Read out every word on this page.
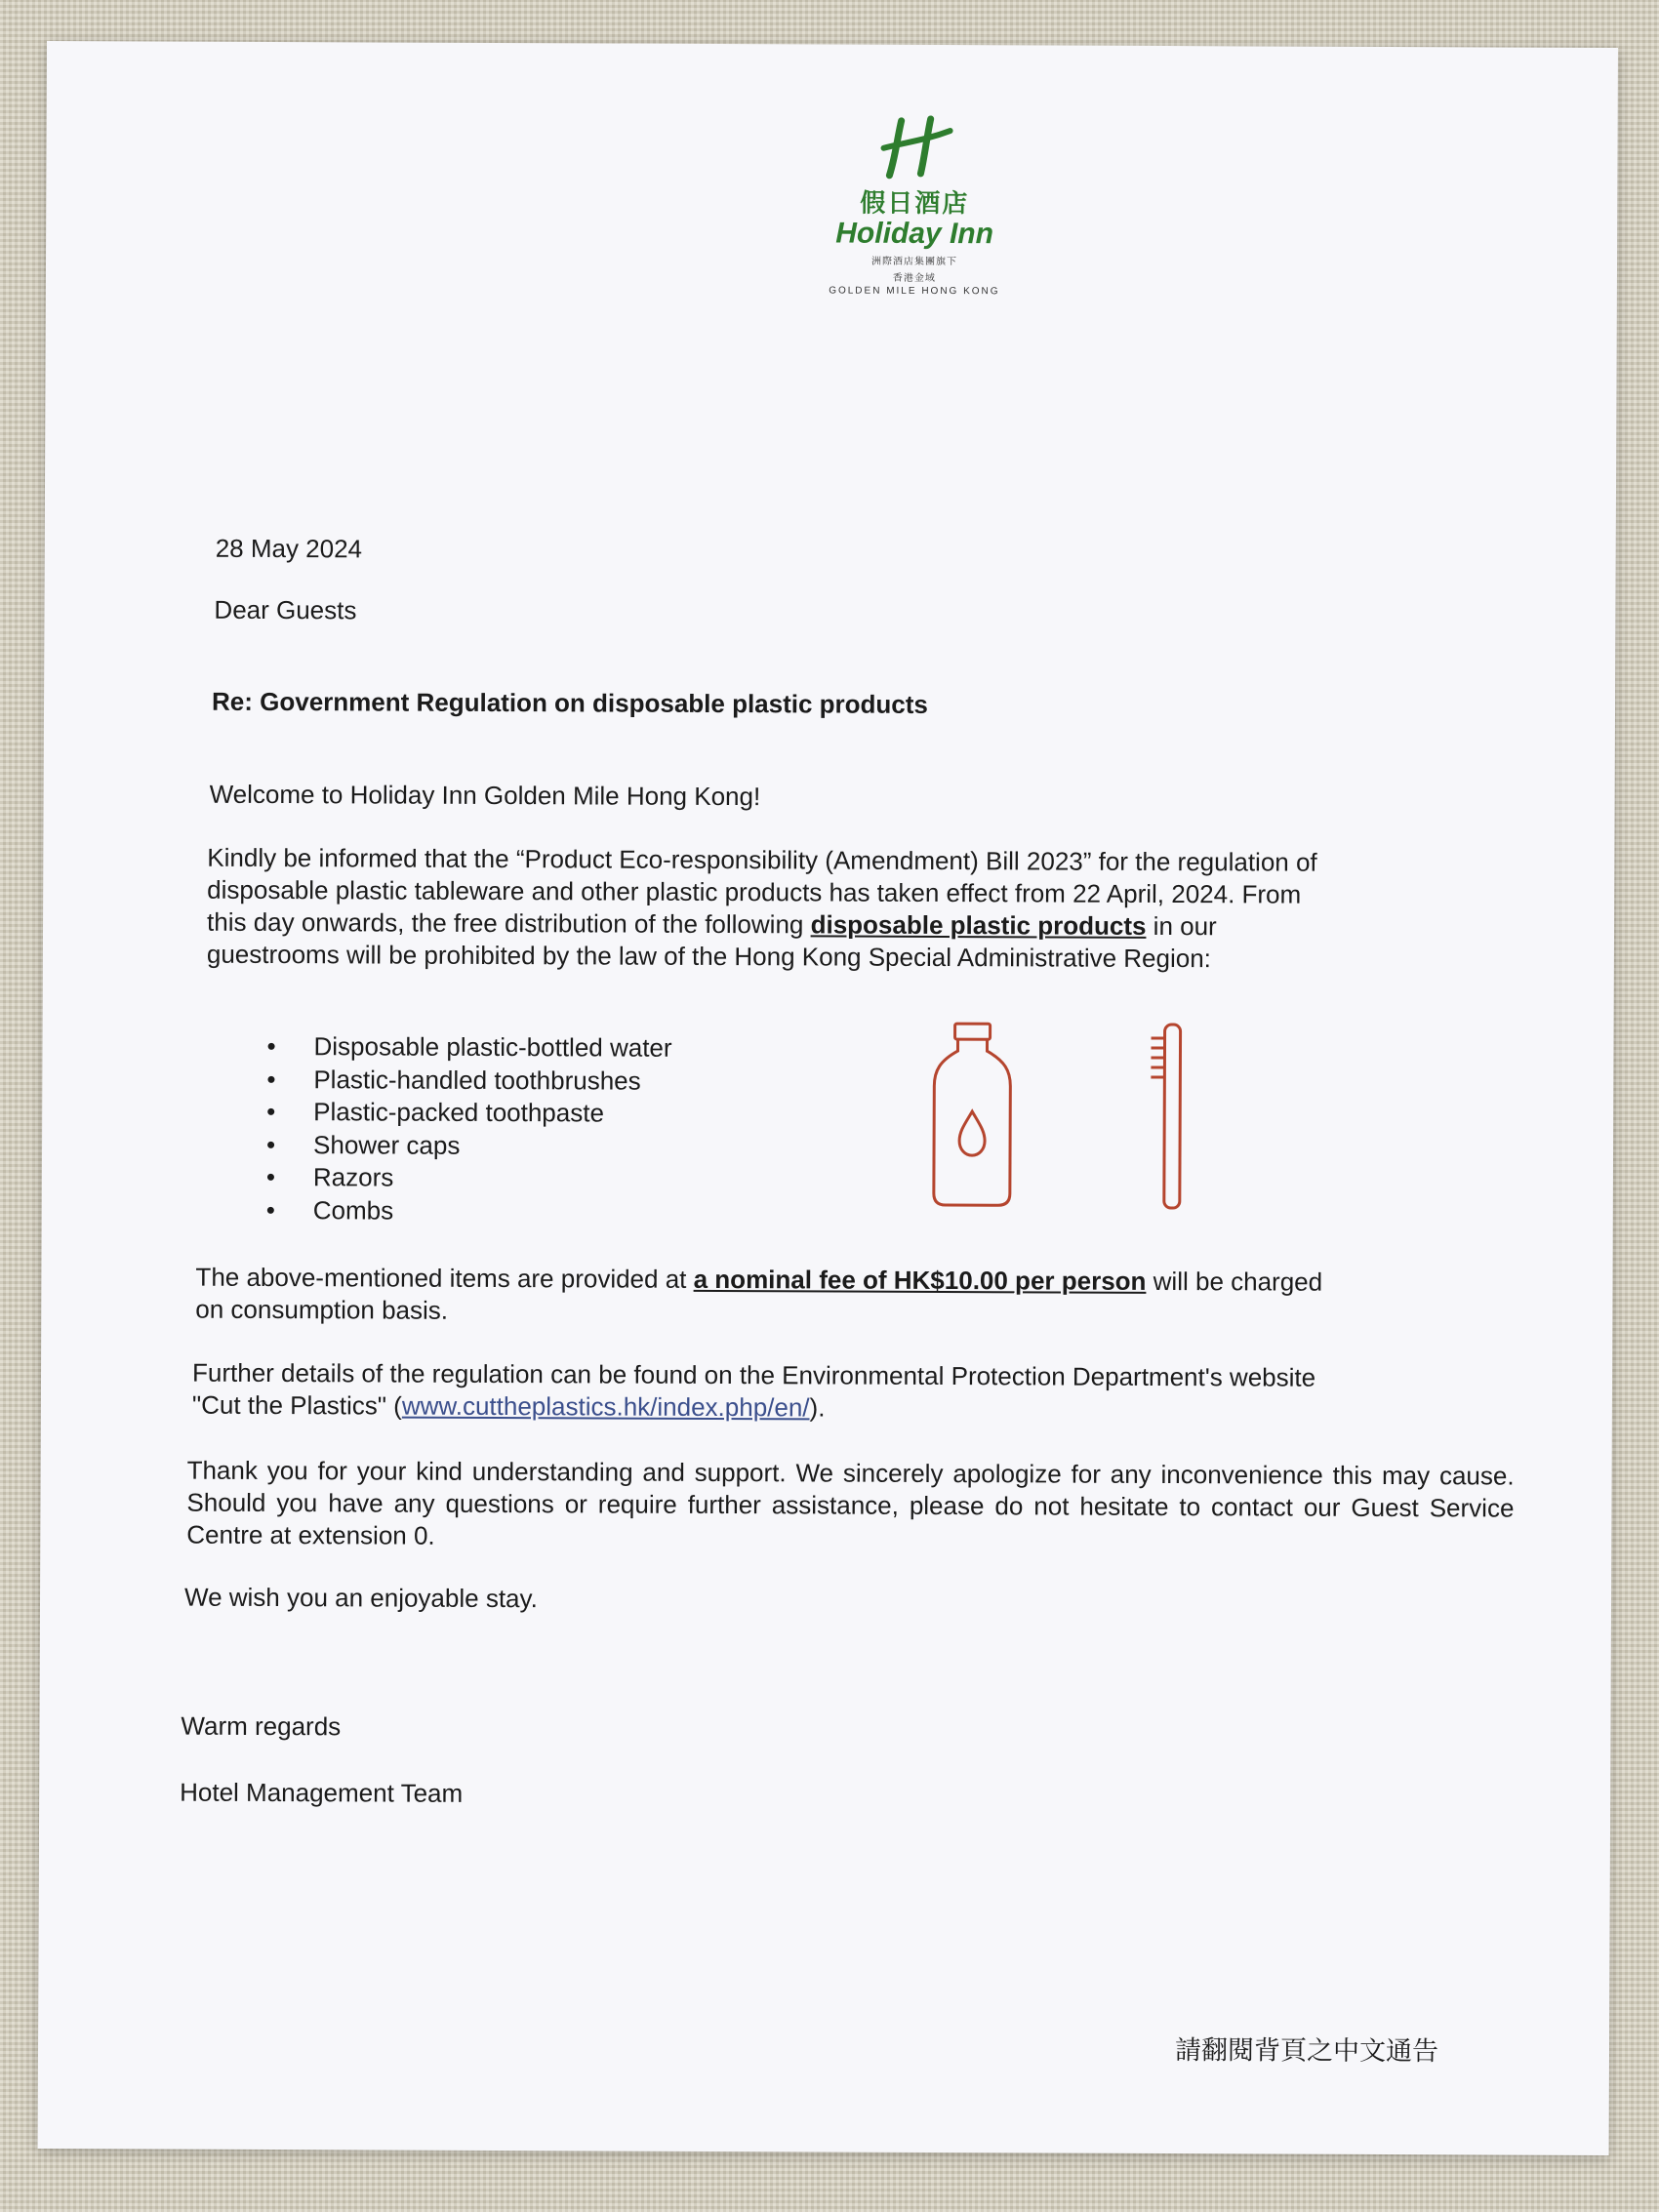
假日酒店
Holiday Inn
洲際酒店集團旗下
香港金域
GOLDEN MILE HONG KONG
28 May 2024
Dear Guests
Re: Government Regulation on disposable plastic products
Welcome to Holiday Inn Golden Mile Hong Kong!
Kindly be informed that the “Product Eco-responsibility (Amendment) Bill 2023” for the regulation of
disposable plastic tableware and other plastic products has taken effect from 22 April, 2024. From
this day onwards, the free distribution of the following disposable plastic products in our
guestrooms will be prohibited by the law of the Hong Kong Special Administrative Region:
• Disposable plastic-bottled water
• Plastic-handled toothbrushes
• Plastic-packed toothpaste
• Shower caps
• Razors
• Combs
The above-mentioned items are provided at a nominal fee of HK$10.00 per person will be charged
on consumption basis.
Further details of the regulation can be found on the Environmental Protection Department's website
"Cut the Plastics" (www.cuttheplastics.hk/index.php/en/).
Thank you for your kind understanding and support. We sincerely apologize for any inconvenience this may cause. Should you have any questions or require further assistance, please do not hesitate to contact our Guest Service Centre at extension 0.
We wish you an enjoyable stay.
Warm regards
Hotel Management Team
請翻閱背頁之中文通告
